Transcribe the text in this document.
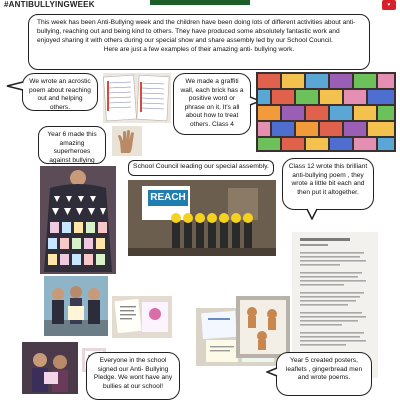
#ANTIBULLYINGWEEK	♥

This week has been Anti-Bullying week and the children have been doing lots of different activities about anti-bullying, reaching out and being kind to others. They have produced some absolutely fantastic work and enjoyed sharing it with others during our special show and share assembly led by our School Council.

Here are just a few examples of their amazing anti- bullying work.

We wrote an acrostic poem about reaching out and helping others.
We made a graffiti wall, each brick has a positive word or phrase on it. It's all about how to treat others. Class 4
Year 6 made this amazing superheroes against bullying
School Council leading our special assembly.	Class 12 wrote this brilliant anti-bullying poem , they wrote a little bit each and then put it altogether.
REACH
Everyone in the school signed our Anti- Bullying Pledge. We wont have any bullies at our school!
Year 5 created posters, leaflets , gingerbread men and wrote poems.
